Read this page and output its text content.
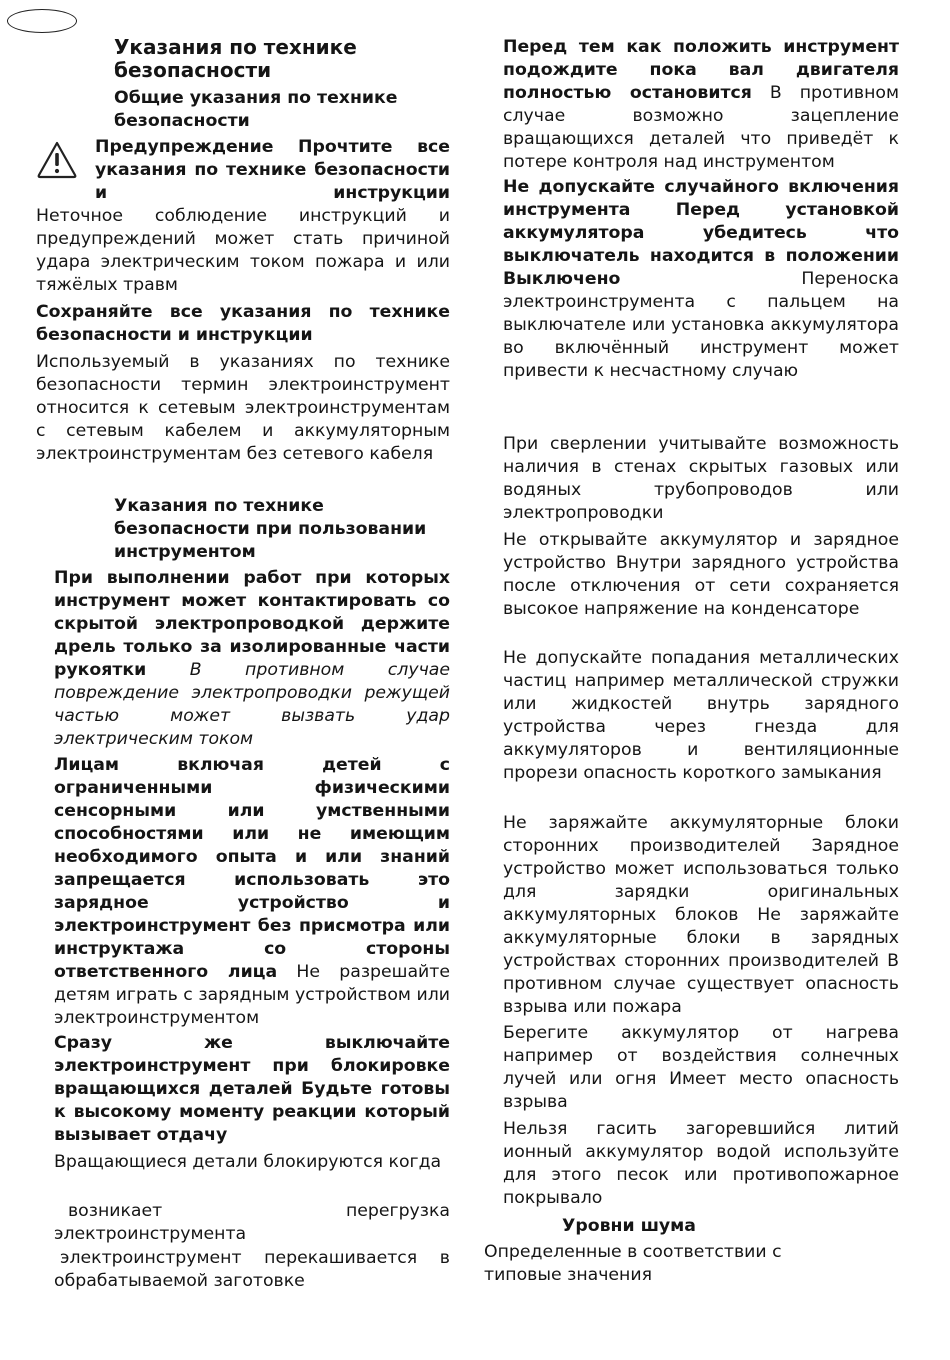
Указания по технике безопасности
Общие указания по технике безопасности
Предупреждение Прочтите все указания по технике безопасности и инструкции
Неточное соблюдение инструкций и предупреждений может стать причиной удара электрическим током пожара и или тяжёлых травм
Сохраняйте все указания по технике безопасности и инструкции
Используемый в указаниях по технике безопасности термин электроинструмент относится к сетевым электроинструментам с сетевым кабелем и аккумуляторным электроинструментам без сетевого кабеля
Указания по технике безопасности при пользовании инструментом

При выполнении работ при которых инструмент может контактировать со скрытой электропроводкой держите дрель только за изолированные части рукоятки	В противном случае повреждение электропроводки режущей частью может вызвать удар электрическим током

Лицам включая детей с ограниченными физическими сенсорными или умственными способностями или не имеющим необходимого опыта и или знаний запрещается использовать это зарядное устройство и электроинструмент без присмотра или инструктажа со стороны ответственного лица Не разрешайте детям играть с зарядным устройством или электроинструментом

Сразу же выключайте электроинструмент при блокировке вращающихся деталей Будьте готовы к высокому моменту реакции который вызывает отдачу
Вращающиеся детали блокируются когда
возникает перегрузка электроинструмента
электроинструмент перекашивается в обрабатываемой заготовке

Перед тем как положить инструмент подождите пока вал двигателя полностью остановится В противном случае возможно зацепление вращающихся деталей что приведёт к потере контроля над инструментом

Не допускайте случайного включения инструмента Перед установкой аккумулятора убедитесь что выключатель находится в положении Выключено	Переноска электроинструмента с пальцем на выключателе или установка аккумулятора во включённый инструмент может привести к несчастному случаю

При сверлении учитывайте возможность наличия в стенах скрытых газовых или водяных трубопроводов или электропроводки
Не открывайте аккумулятор и зарядное устройство Внутри зарядного устройства после отключения от сети сохраняется высокое напряжение на конденсаторе
Не допускайте попадания металлических частиц например металлической стружки или жидкостей внутрь зарядного устройства через гнезда для аккумуляторов и вентиляционные прорези опасность короткого замыкания
Не заряжайте аккумуляторные блоки сторонних производителей Зарядное устройство может использоваться только для зарядки оригинальных аккумуляторных блоков Не заряжайте аккумуляторные блоки в зарядных устройствах сторонних производителей В противном случае существует опасность взрыва или пожара
Берегите аккумулятор от нагрева например от воздействия солнечных лучей или огня Имеет место опасность взрыва
Нельзя гасить загоревшийся литий ионный аккумулятор водой используйте для этого песок или противопожарное покрывало
Уровни шума
Определенные в соответствии с типовые значения
